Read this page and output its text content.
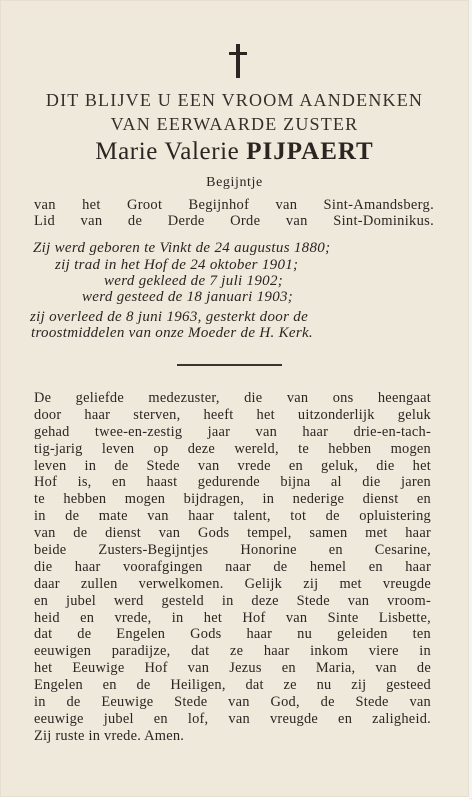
DIT BLIJVE U EEN VROOM AANDENKEN
VAN EERWAARDE ZUSTER
Marie Valerie PIJPAERT
Begijntje
van het Groot Begijnhof van Sint-Amandsberg.
Lid van de Derde Orde van Sint-Dominikus.
Zij werd geboren te Vinkt de 24 augustus 1880;
zij trad in het Hof de 24 oktober 1901;
werd gekleed de 7 juli 1902;
werd gesteed de 18 januari 1903;
zij overleed de 8 juni 1963, gesterkt door de
troostmiddelen van onze Moeder de H. Kerk.
De geliefde medezuster, die van ons heengaat
door haar sterven, heeft het uitzonderlijk geluk
gehad twee-en-zestig jaar van haar drie-en-tach-
tig-jarig leven op deze wereld, te hebben mogen
leven in de Stede van vrede en geluk, die het
Hof is, en haast gedurende bijna al die jaren
te hebben mogen bijdragen, in nederige dienst en
in de mate van haar talent, tot de opluistering
van de dienst van Gods tempel, samen met haar
beide Zusters-Begijntjes Honorine en Cesarine,
die haar voorafgingen naar de hemel en haar
daar zullen verwelkomen. Gelijk zij met vreugde
en jubel werd gesteld in deze Stede van vroom-
heid en vrede, in het Hof van Sinte Lisbette,
dat de Engelen Gods haar nu geleiden ten
eeuwigen paradijze, dat ze haar inkom viere in
het Eeuwige Hof van Jezus en Maria, van de
Engelen en de Heiligen, dat ze nu zij gesteed
in de Eeuwige Stede van God, de Stede van
eeuwige jubel en lof, van vreugde en zaligheid.
Zij ruste in vrede. Amen.
